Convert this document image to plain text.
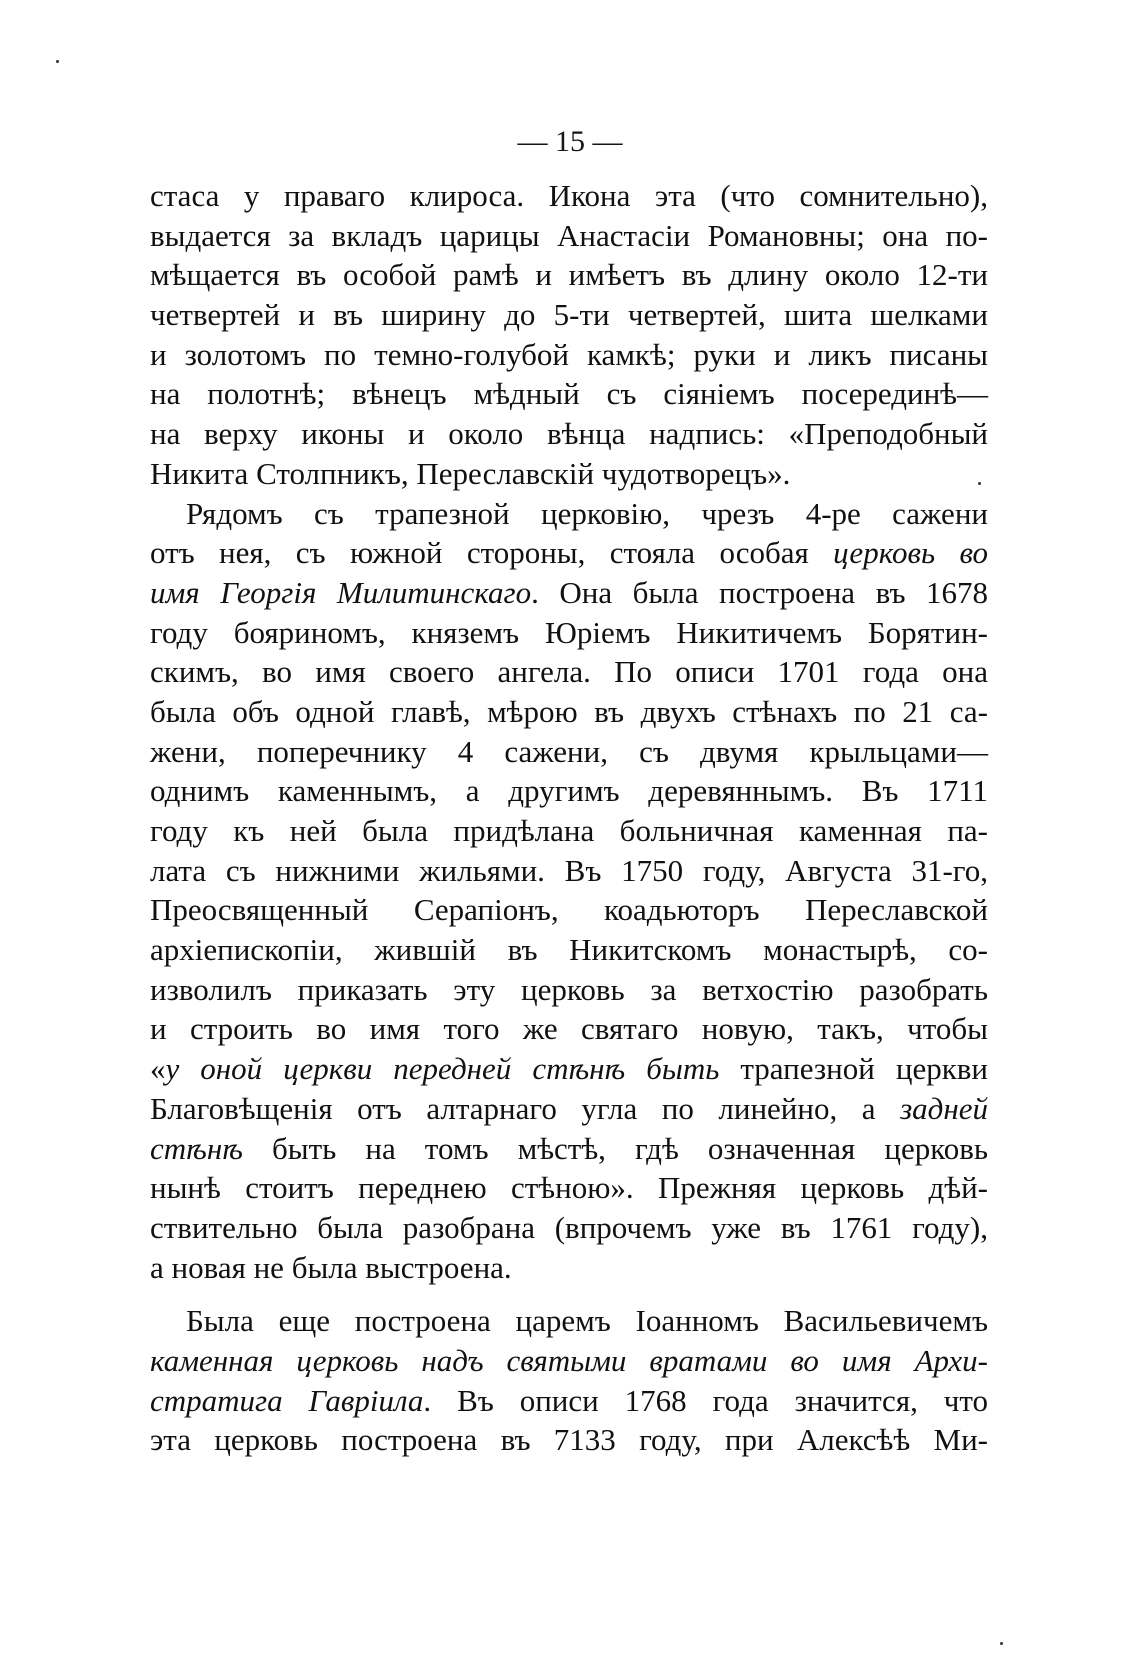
— 15 —
стаса у праваго клироса. Икона эта (что сомнительно),
выдается за вкладъ царицы Анастасіи Романовны; она по-
мѣщается въ особой рамѣ и имѣетъ въ длину около 12-ти
четвертей и въ ширину до 5-ти четвертей, шита шелками
и золотомъ по темно-голубой камкѣ; руки и ликъ писаны
на полотнѣ; вѣнецъ мѣдный съ сіяніемъ посерединѣ—
на верху иконы и около вѣнца надпись: «Преподобный
Никита Столпникъ, Переславскій чудотворецъ».
Рядомъ съ трапезной церковію, чрезъ 4-ре сажени
отъ нея, съ южной стороны, стояла особая церковь во
имя Георгія Милитинскаго. Она была построена въ 1678
году бояриномъ, княземъ Юріемъ Никитичемъ Борятин-
скимъ, во имя своего ангела. По описи 1701 года она
была объ одной главѣ, мѣрою въ двухъ стѣнахъ по 21 са-
жени, поперечнику 4 сажени, съ двумя крыльцами—
однимъ каменнымъ, а другимъ деревяннымъ. Въ 1711
году къ ней была придѣлана больничная каменная па-
лата съ нижними жильями. Въ 1750 году, Августа 31-го,
Преосвященный Серапіонъ, коадьюторъ Переславской
архіепископіи, жившій въ Никитскомъ монастырѣ, со-
изволилъ приказать эту церковь за ветхостію разобрать
и строить во имя того же святаго новую, такъ, чтобы
«у оной церкви передней стѣнѣ быть трапезной церкви
Благовѣщенія отъ алтарнаго угла по линейно, а задней
стѣнѣ быть на томъ мѣстѣ, гдѣ означенная церковь
нынѣ стоитъ переднею стѣною». Прежняя церковь дѣй-
ствительно была разобрана (впрочемъ уже въ 1761 году),
а новая не была выстроена.
Была еще построена царемъ Іоанномъ Васильевичемъ
каменная церковь надъ святыми вратами во имя Архи-
стратига Гавріила. Въ описи 1768 года значится, что
эта церковь построена въ 7133 году, при Алексѣѣ Ми-
